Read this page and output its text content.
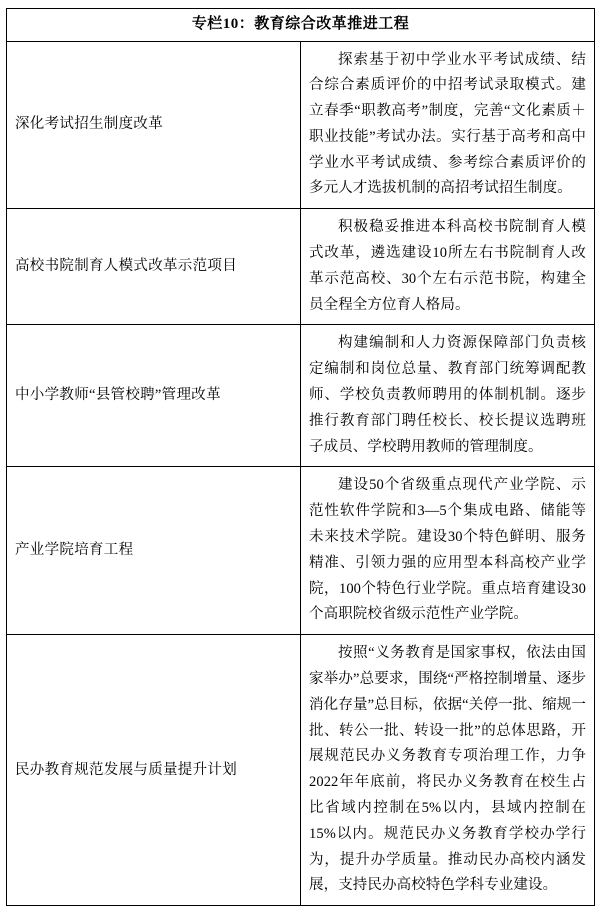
专栏10：教育综合改革推进工程	
深化考试招生制度改革	探索基于初中学业水平考试成绩、结合综合素质评价的中招考试录取模式。建立春季“职教高考”制度，完善“文化素质＋职业技能”考试办法。实行基于高考和高中学业水平考试成绩、参考综合素质评价的多元人才选拔机制的高招考试招生制度。

高校书院制育人模式改革示范项目	积极稳妥推进本科高校书院制育人模式改革，遴选建设10所左右书院制育人改革示范高校、30个左右示范书院，构建全员全程全方位育人格局。

中小学教师“县管校聘”管理改革	构建编制和人力资源保障部门负责核定编制和岗位总量、教育部门统筹调配教师、学校负责教师聘用的体制机制。逐步推行教育部门聘任校长、校长提议选聘班子成员、学校聘用教师的管理制度。

产业学院培育工程	建设50个省级重点现代产业学院、示范性软件学院和3—5个集成电路、储能等未来技术学院。建设30个特色鲜明、服务精准、引领力强的应用型本科高校产业学院，100个特色行业学院。重点培育建设30个高职院校省级示范性产业学院。

民办教育规范发展与质量提升计划	按照“义务教育是国家事权，依法由国家举办”总要求，围绕“严格控制增量、逐步消化存量”总目标，依据“关停一批、缩规一批、转公一批、转设一批”的总体思路，开展规范民办义务教育专项治理工作，力争2022年年底前，将民办义务教育在校生占比省域内控制在5%以内，县域内控制在15%以内。规范民办义务教育学校办学行为，提升办学质量。推动民办高校内涵发展，支持民办高校特色学科专业建设。
